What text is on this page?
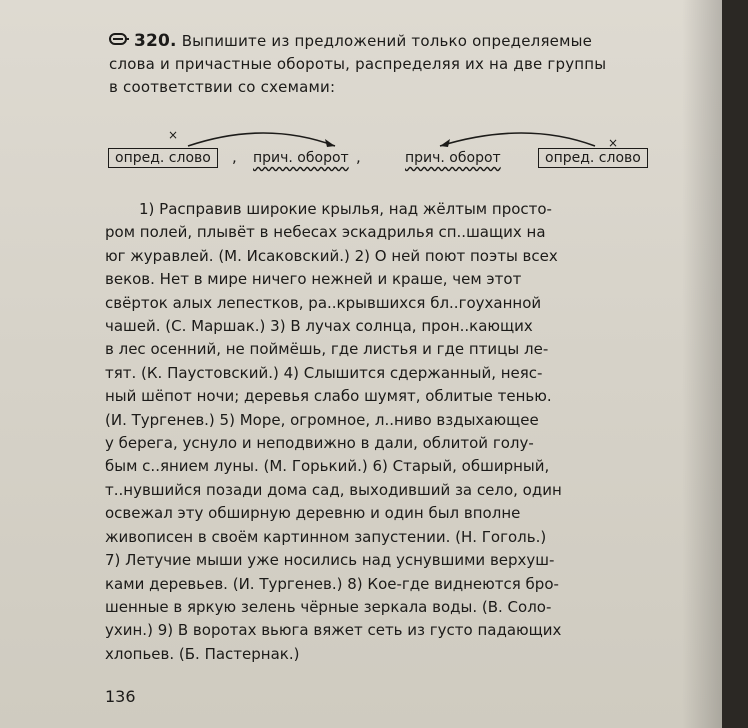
320. Выпишите из предложений только определяемые
слова и причастные обороты, распределяя их на две группы
в соответствии со схемами:
×
×
опред. слово	, прич. оборот ,	прич. оборот	опред. слово
1) Расправив широкие крылья, над жёлтым просто-
ром полей, плывёт в небесах эскадрилья сп..шащих на
юг журавлей. (М. Исаковский.) 2) О ней поют поэты всех
веков. Нет в мире ничего нежней и краше, чем этот
свёрток алых лепестков, ра..крывшихся бл..гоуханной
чашей. (С. Маршак.) 3) В лучах солнца, прон..кающих
в лес осенний, не поймёшь, где листья и где птицы ле-
тят. (К. Паустовский.) 4) Слышится сдержанный, неяс-
ный шёпот ночи; деревья слабо шумят, облитые тенью.
(И. Тургенев.) 5) Море, огромное, л..ниво вздыхающее
у берега, уснуло и неподвижно в дали, облитой голу-
бым с..янием луны. (М. Горький.) 6) Старый, обширный,
т..нувшийся позади дома сад, выходивший за село, один
освежал эту обширную деревню и один был вполне
живописен в своём картинном запустении. (Н. Гоголь.)
7) Летучие мыши уже носились над уснувшими верхуш-
ками деревьев. (И. Тургенев.) 8) Кое-где виднеются бро-
шенные в яркую зелень чёрные зеркала воды. (В. Соло-
ухин.) 9) В воротах вьюга вяжет сеть из густо падающих
хлопьев. (Б. Пастернак.)
136
